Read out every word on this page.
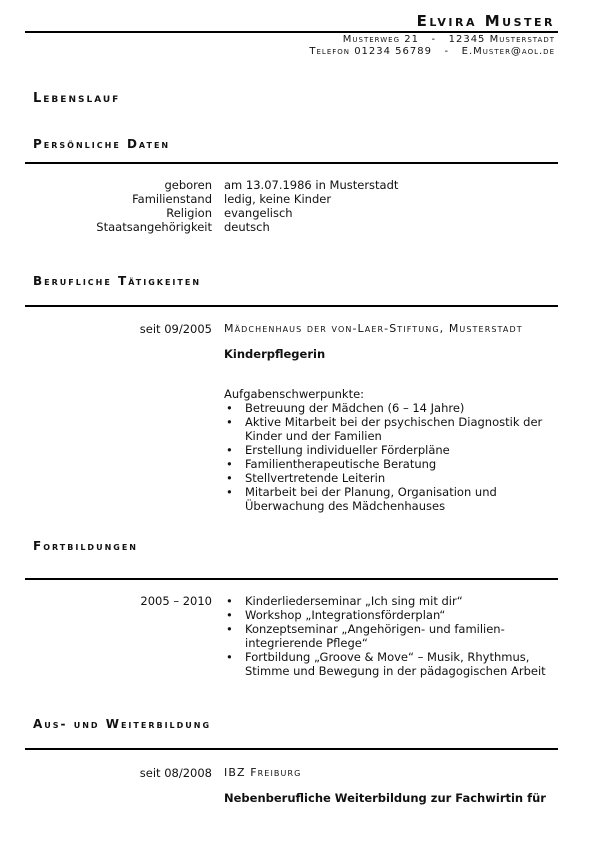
Elvira Muster
Musterweg 21   -   12345 Musterstadt
Telefon 01234 56789   -   E.Muster@aol.de
Lebenslauf
Persönliche Daten
geboren am 13.07.1986 in Musterstadt
Familienstand ledig, keine Kinder
Religion evangelisch
Staatsangehörigkeit deutsch
Berufliche Tätigkeiten
seit 09/2005 Mädchenhaus der von-Laer-Stiftung, Musterstadt
Kinderpflegerin
Aufgabenschwerpunkte:
• Betreuung der Mädchen (6 – 14 Jahre)
• Aktive Mitarbeit bei der psychischen Diagnostik der
Kinder und der Familien
• Erstellung individueller Förderpläne
• Familientherapeutische Beratung
• Stellvertretende Leiterin
• Mitarbeit bei der Planung, Organisation und
Überwachung des Mädchenhauses
Fortbildungen
2005 – 2010
•	Kinderliederseminar „Ich sing mit dir“
• Workshop „Integrationsförderplan“
• Konzeptseminar „Angehörigen- und familien-
integrierende Pflege“
• Fortbildung „Groove & Move“ – Musik, Rhythmus,
Stimme und Bewegung in der pädagogischen Arbeit
Aus- und Weiterbildung
seit 08/2008 IBZ Freiburg
Nebenberufliche Weiterbildung zur Fachwirtin für
